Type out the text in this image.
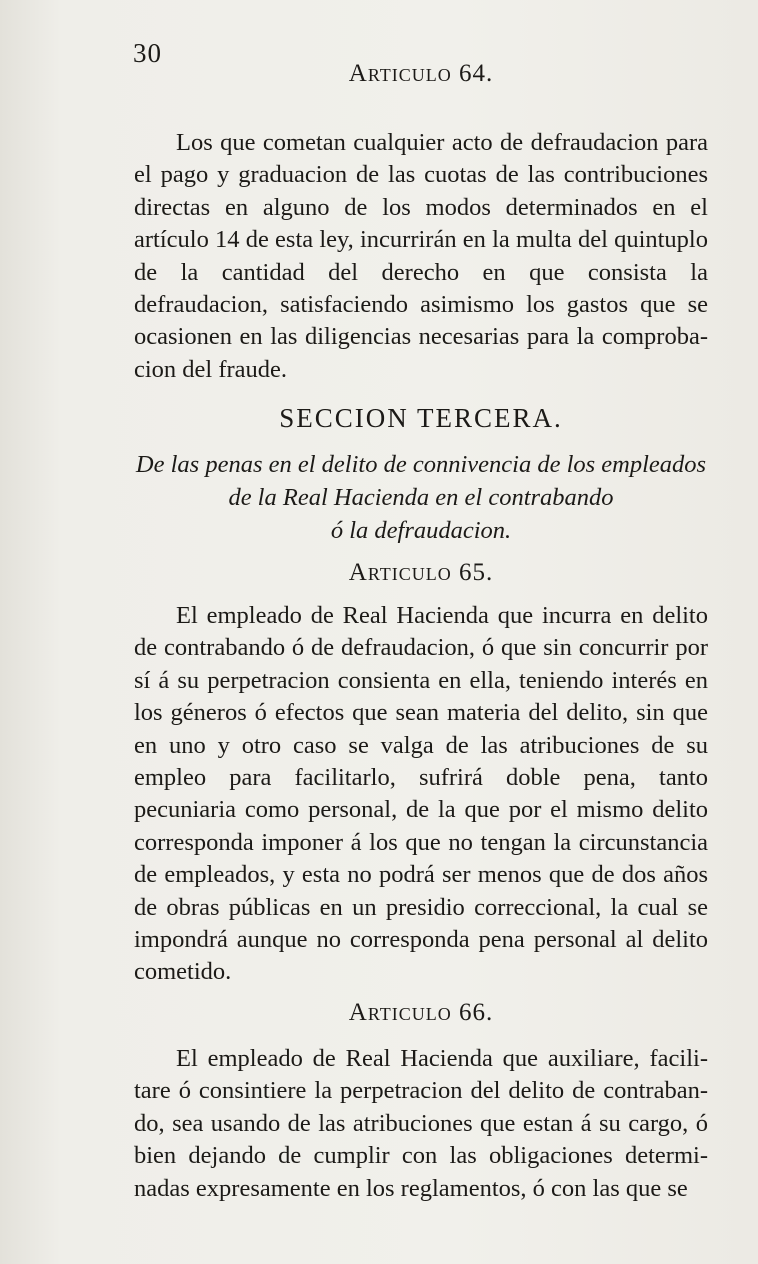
30
Articulo 64.

Los que cometan cualquier acto de defraudacion para el pago y graduacion de las cuotas de las contribuciones directas en alguno de los modos determinados en el artículo 14 de esta ley, incurrirán en la multa del quintuplo de la cantidad del derecho en que consista la defraudacion, satisfaciendo asimismo los gastos que se ocasionen en las diligencias necesarias para la comprobacion del fraude.

SECCION TERCERA.
De las penas en el delito de connivencia de los empleados
de la Real Hacienda en el contrabando
ó la defraudacion.
Articulo 65.

El empleado de Real Hacienda que incurra en delito de contrabando ó de defraudacion, ó que sin concurrir por sí á su perpetracion consienta en ella, teniendo interés en los géneros ó efectos que sean materia del delito, sin que en uno y otro caso se valga de las atribuciones de su empleo para facilitarlo, sufrirá doble pena, tanto pecuniaria como personal, de la que por el mismo delito corresponda imponer á los que no tengan la circunstancia de empleados, y esta no podrá ser menos que de dos años de obras públicas en un presidio correccional, la cual se impondrá aunque no corresponda pena personal al delito cometido.

Articulo 66.

El empleado de Real Hacienda que auxiliare, facilitare ó consintiere la perpetracion del delito de contrabando, sea usando de las atribuciones que estan á su cargo, ó bien dejando de cumplir con las obligaciones determinadas expresamente en los reglamentos, ó con las que se
